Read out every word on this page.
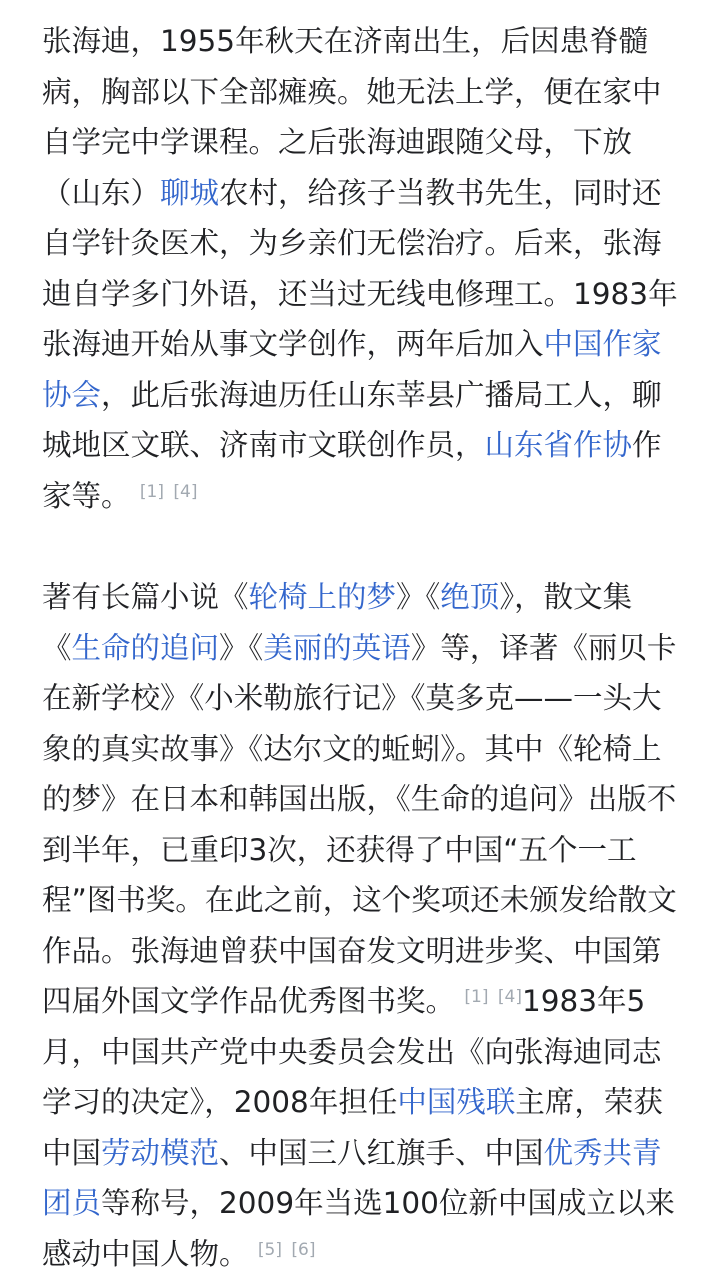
张海迪，1955年秋天在济南出生，后因患脊髓病，胸部以下全部瘫痪。她无法上学，便在家中自学完中学课程。之后张海迪跟随父母，下放（山东）聊城农村，给孩子当教书先生，同时还自学针灸医术，为乡亲们无偿治疗。后来，张海迪自学多门外语，还当过无线电修理工。1983年张海迪开始从事文学创作，两年后加入中国作家协会，此后张海迪历任山东莘县广播局工人，聊城地区文联、济南市文联创作员，山东省作协作家等。 [1] [4]

著有长篇小说《轮椅上的梦》《绝顶》，散文集《生命的追问》《美丽的英语》等，译著《丽贝卡在新学校》《小米勒旅行记》《莫多克——一头大象的真实故事》《达尔文的蚯蚓》。其中《轮椅上的梦》在日本和韩国出版，《生命的追问》出版不到半年，已重印3次，还获得了中国“五个一工程”图书奖。在此之前，这个奖项还未颁发给散文作品。张海迪曾获中国奋发文明进步奖、中国第四届外国文学作品优秀图书奖。 [1] [4]1983年5月，中国共产党中央委员会发出《向张海迪同志学习的决定》，2008年担任中国残联主席，荣获中国劳动模范、中国三八红旗手、中国优秀共青团员等称号，2009年当选100位新中国成立以来感动中国人物。 [5] [6]
